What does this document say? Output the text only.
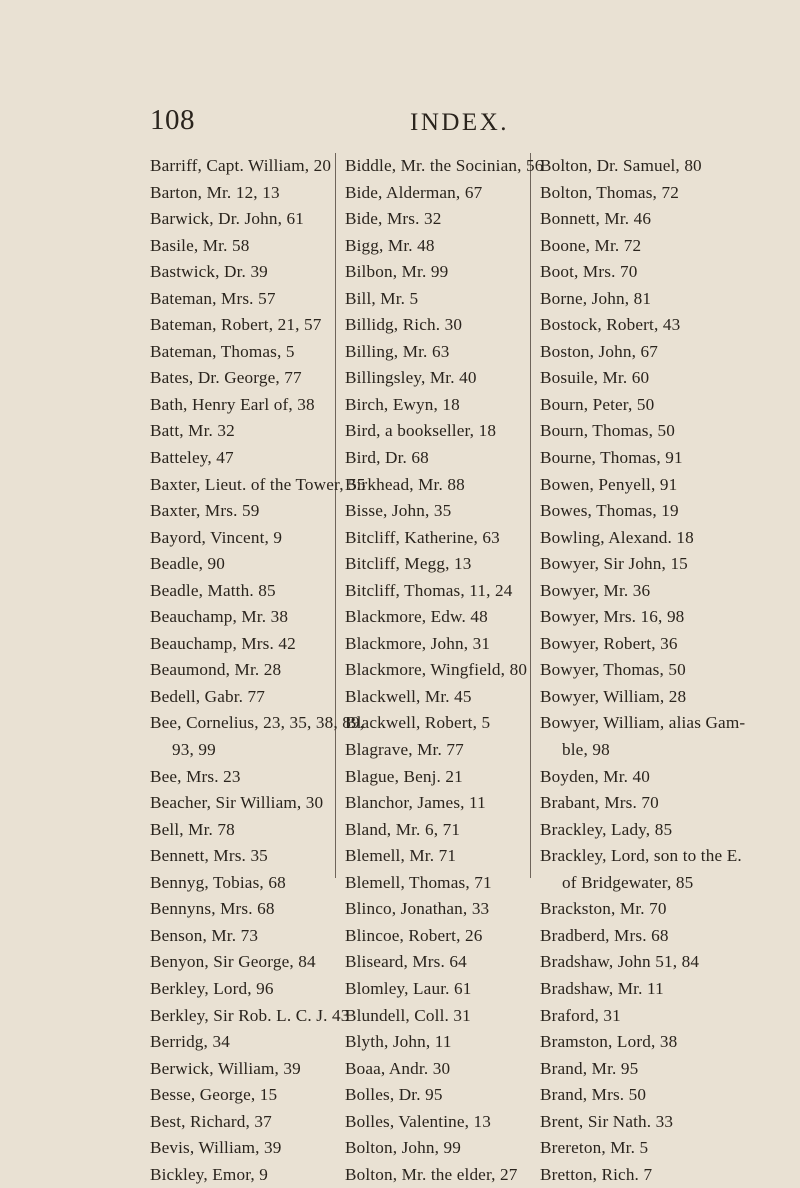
108	INDEX.
Barriff, Capt. William, 20
Barton, Mr. 12, 13
Barwick, Dr. John, 61
Basile, Mr. 58
Bastwick, Dr. 39
Bateman, Mrs. 57
Bateman, Robert, 21, 57
Bateman, Thomas, 5
Bates, Dr. George, 77
Bath, Henry Earl of, 38
Batt, Mr. 32
Batteley, 47
Baxter, Lieut. of the Tower, 55
Baxter, Mrs. 59
Bayord, Vincent, 9
Beadle, 90
Beadle, Matth. 85
Beauchamp, Mr. 38
Beauchamp, Mrs. 42
Beaumond, Mr. 28
Bedell, Gabr. 77
Bee, Cornelius, 23, 35, 38, 89,
93, 99
Bee, Mrs. 23
Beacher, Sir William, 30
Bell, Mr. 78
Bennett, Mrs. 35
Bennyg, Tobias, 68
Bennyns, Mrs. 68
Benson, Mr. 73
Benyon, Sir George, 84
Berkley, Lord, 96
Berkley, Sir Rob. L. C. J. 43
Berridg, 34
Berwick, William, 39
Besse, George, 15
Best, Richard, 37
Bevis, William, 39
Bickley, Emor, 9
Biddle, Mr. the Socinian, 56
Bide, Alderman, 67
Bide, Mrs. 32
Bigg, Mr. 48
Bilbon, Mr. 99
Bill, Mr. 5
Billidg, Rich. 30
Billing, Mr. 63
Billingsley, Mr. 40
Birch, Ewyn, 18
Bird, a bookseller, 18
Bird, Dr. 68
Birkhead, Mr. 88
Bisse, John, 35
Bitcliff, Katherine, 63
Bitcliff, Megg, 13
Bitcliff, Thomas, 11, 24
Blackmore, Edw. 48
Blackmore, John, 31
Blackmore, Wingfield, 80
Blackwell, Mr. 45
Blackwell, Robert, 5
Blagrave, Mr. 77
Blague, Benj. 21
Blanchor, James, 11
Bland, Mr. 6, 71
Blemell, Mr. 71
Blemell, Thomas, 71
Blinco, Jonathan, 33
Blincoe, Robert, 26
Bliseard, Mrs. 64
Blomley, Laur. 61
Blundell, Coll. 31
Blyth, John, 11
Boaa, Andr. 30
Bolles, Dr. 95
Bolles, Valentine, 13
Bolton, John, 99
Bolton, Mr. the elder, 27
Bolton, Dr. Samuel, 80
Bolton, Thomas, 72
Bonnett, Mr. 46
Boone, Mr. 72
Boot, Mrs. 70
Borne, John, 81
Bostock, Robert, 43
Boston, John, 67
Bosuile, Mr. 60
Bourn, Peter, 50
Bourn, Thomas, 50
Bourne, Thomas, 91
Bowen, Penyell, 91
Bowes, Thomas, 19
Bowling, Alexand. 18
Bowyer, Sir John, 15
Bowyer, Mr. 36
Bowyer, Mrs. 16, 98
Bowyer, Robert, 36
Bowyer, Thomas, 50
Bowyer, William, 28
Bowyer, William, alias Gam-
ble, 98
Boyden, Mr. 40
Brabant, Mrs. 70
Brackley, Lady, 85
Brackley, Lord, son to the E.
of Bridgewater, 85
Brackston, Mr. 70
Bradberd, Mrs. 68
Bradshaw, John 51, 84
Bradshaw, Mr. 11
Braford, 31
Bramston, Lord, 38
Brand, Mr. 95
Brand, Mrs. 50
Brent, Sir Nath. 33
Brereton, Mr. 5
Bretton, Rich. 7
